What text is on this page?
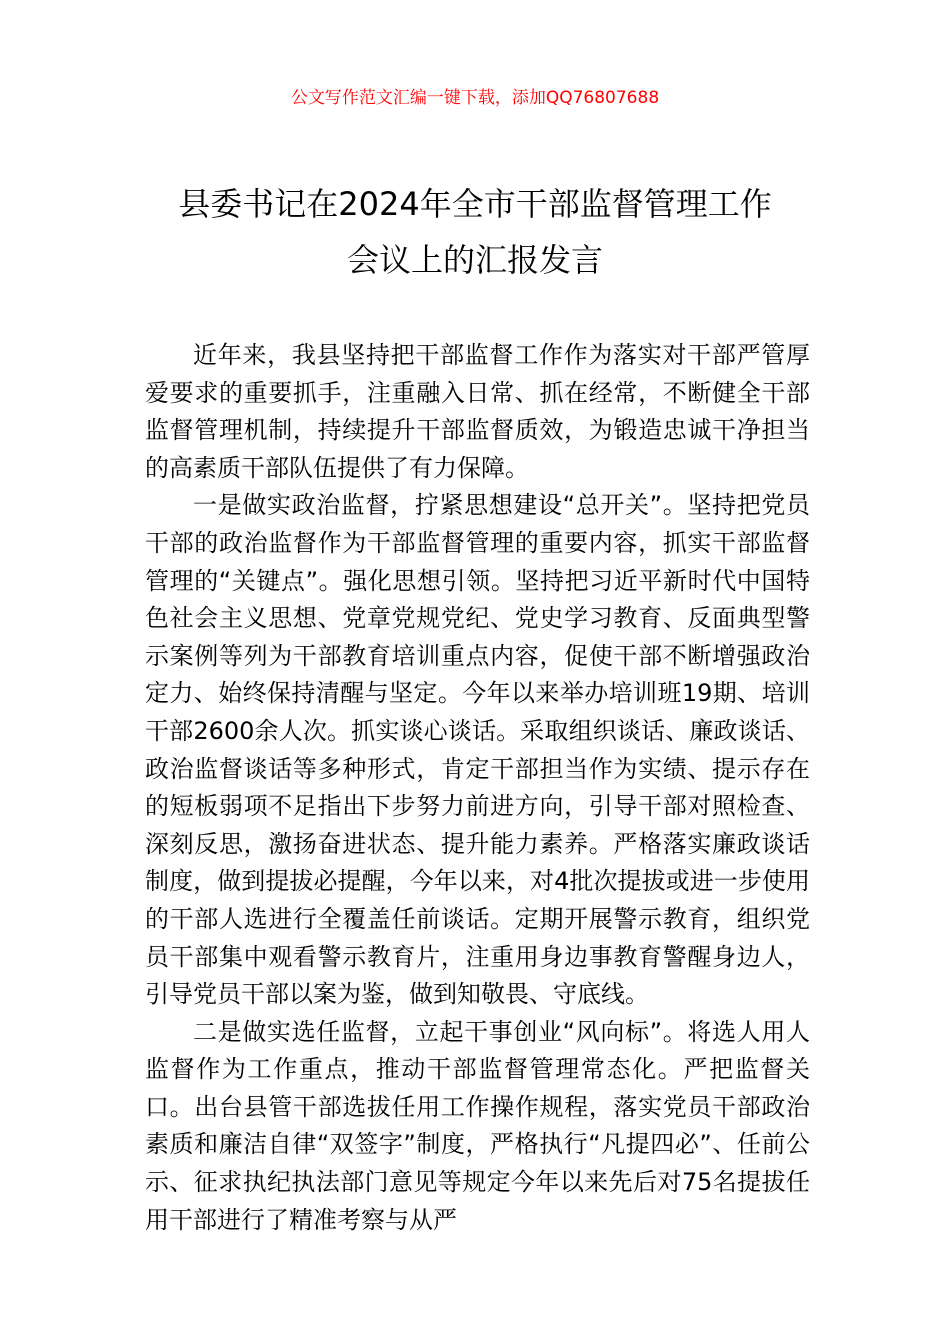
公文写作范文汇编一键下载，添加QQ76807688
县委书记在2024年全市干部监督管理工作
会议上的汇报发言

近年来，我县坚持把干部监督工作作为落实对干部严管厚爱要求的重要抓手，注重融入日常、抓在经常，不断健全干部监督管理机制，持续提升干部监督质效，为锻造忠诚干净担当的高素质干部队伍提供了有力保障。

一是做实政治监督，拧紧思想建设“总开关”。坚持把党员干部的政治监督作为干部监督管理的重要内容，抓实干部监督管理的“关键点”。强化思想引领。坚持把习近平新时代中国特色社会主义思想、党章党规党纪、党史学习教育、反面典型警示案例等列为干部教育培训重点内容，促使干部不断增强政治定力、始终保持清醒与坚定。今年以来举办培训班19期、培训干部2600余人次。抓实谈心谈话。采取组织谈话、廉政谈话、政治监督谈话等多种形式，肯定干部担当作为实绩、提示存在的短板弱项不足指出下步努力前进方向，引导干部对照检查、深刻反思，激扬奋进状态、提升能力素养。严格落实廉政谈话制度，做到提拔必提醒，今年以来，对4批次提拔或进一步使用的干部人选进行全覆盖任前谈话。定期开展警示教育，组织党员干部集中观看警示教育片，注重用身边事教育警醒身边人，引导党员干部以案为鉴，做到知敬畏、守底线。

二是做实选任监督，立起干事创业“风向标”。将选人用人监督作为工作重点，推动干部监督管理常态化。严把监督关口。出台县管干部选拔任用工作操作规程，落实党员干部政治素质和廉洁自律“双签字”制度，严格执行“凡提四必”、任前公示、征求执纪执法部门意见等规定今年以来先后对75名提拔任用干部进行了精准考察与从严
